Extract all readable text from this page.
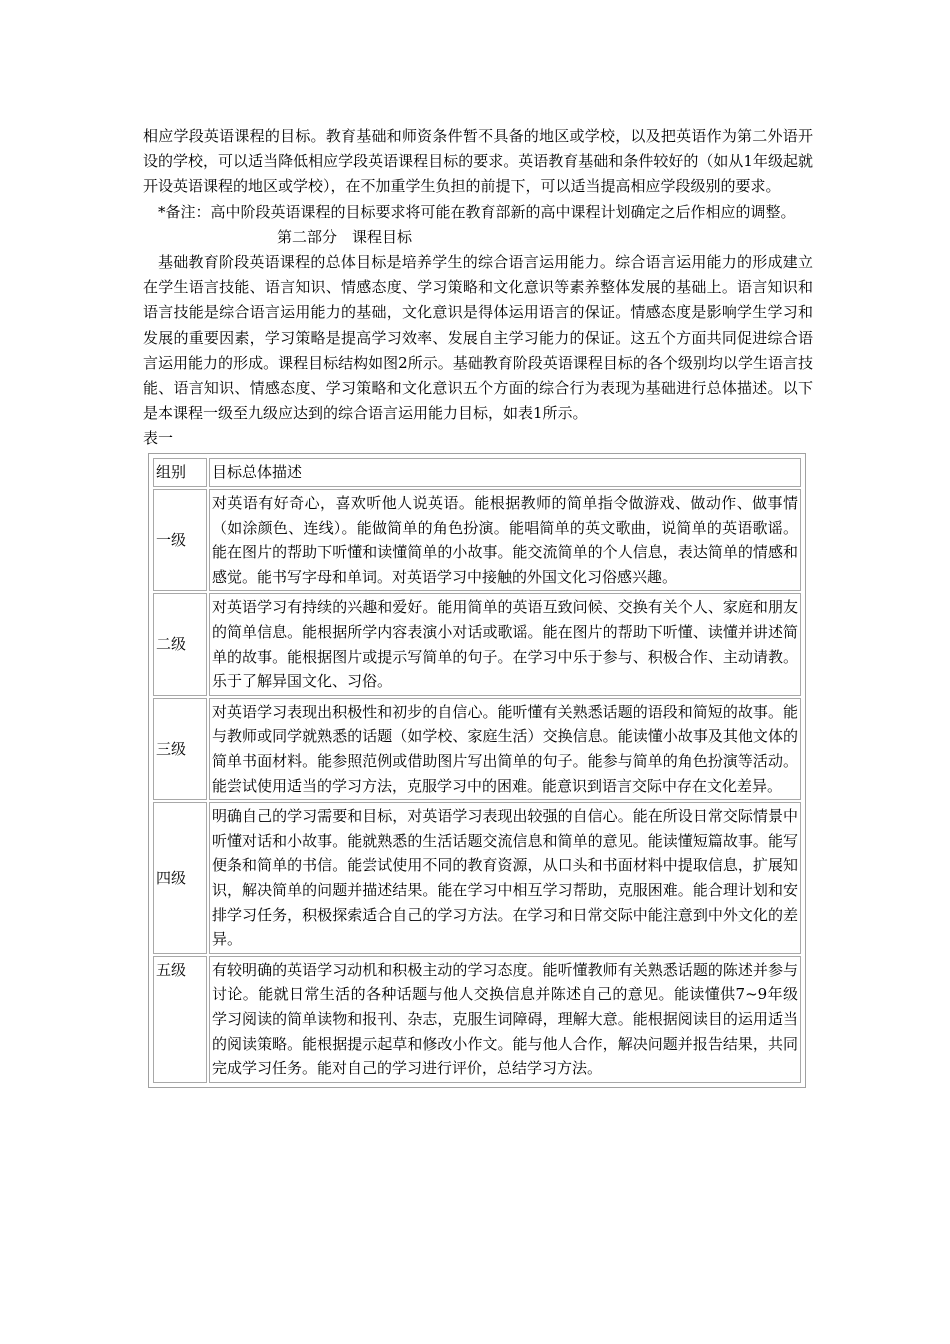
相应学段英语课程的目标。教育基础和师资条件暂不具备的地区或学校，以及把英语作为第二外语开设的学校，可以适当降低相应学段英语课程目标的要求。英语教育基础和条件较好的（如从1年级起就开设英语课程的地区或学校），在不加重学生负担的前提下，可以适当提高相应学段级别的要求。

*备注：高中阶段英语课程的目标要求将可能在教育部新的高中课程计划确定之后作相应的调整。

第二部分　课程目标

基础教育阶段英语课程的总体目标是培养学生的综合语言运用能力。综合语言运用能力的形成建立在学生语言技能、语言知识、情感态度、学习策略和文化意识等素养整体发展的基础上。语言知识和语言技能是综合语言运用能力的基础，文化意识是得体运用语言的保证。情感态度是影响学生学习和发展的重要因素，学习策略是提高学习效率、发展自主学习能力的保证。这五个方面共同促进综合语言运用能力的形成。课程目标结构如图2所示。基础教育阶段英语课程目标的各个级别均以学生语言技能、语言知识、情感态度、学习策略和文化意识五个方面的综合行为表现为基础进行总体描述。以下是本课程一级至九级应达到的综合语言运用能力目标，如表1所示。

表一

组别	目标总体描述
一级	对英语有好奇心，喜欢听他人说英语。能根据教师的简单指令做游戏、做动作、做事情（如涂颜色、连线）。能做简单的角色扮演。能唱简单的英文歌曲，说简单的英语歌谣。能在图片的帮助下听懂和读懂简单的小故事。能交流简单的个人信息，表达简单的情感和感觉。能书写字母和单词。对英语学习中接触的外国文化习俗感兴趣。
二级	对英语学习有持续的兴趣和爱好。能用简单的英语互致问候、交换有关个人、家庭和朋友的简单信息。能根据所学内容表演小对话或歌谣。能在图片的帮助下听懂、读懂并讲述简单的故事。能根据图片或提示写简单的句子。在学习中乐于参与、积极合作、主动请教。乐于了解异国文化、习俗。
三级	对英语学习表现出积极性和初步的自信心。能听懂有关熟悉话题的语段和简短的故事。能与教师或同学就熟悉的话题（如学校、家庭生活）交换信息。能读懂小故事及其他文体的简单书面材料。能参照范例或借助图片写出简单的句子。能参与简单的角色扮演等活动。能尝试使用适当的学习方法，克服学习中的困难。能意识到语言交际中存在文化差异。
四级	明确自己的学习需要和目标，对英语学习表现出较强的自信心。能在所设日常交际情景中听懂对话和小故事。能就熟悉的生活话题交流信息和简单的意见。能读懂短篇故事。能写便条和简单的书信。能尝试使用不同的教育资源，从口头和书面材料中提取信息，扩展知识，解决简单的问题并描述结果。能在学习中相互学习帮助，克服困难。能合理计划和安排学习任务，积极探索适合自己的学习方法。在学习和日常交际中能注意到中外文化的差异。
五级	有较明确的英语学习动机和积极主动的学习态度。能听懂教师有关熟悉话题的陈述并参与讨论。能就日常生活的各种话题与他人交换信息并陈述自己的意见。能读懂供7~9年级学习阅读的简单读物和报刊、杂志，克服生词障碍，理解大意。能根据阅读目的运用适当的阅读策略。能根据提示起草和修改小作文。能与他人合作，解决问题并报告结果，共同完成学习任务。能对自己的学习进行评价，总结学习方法。
